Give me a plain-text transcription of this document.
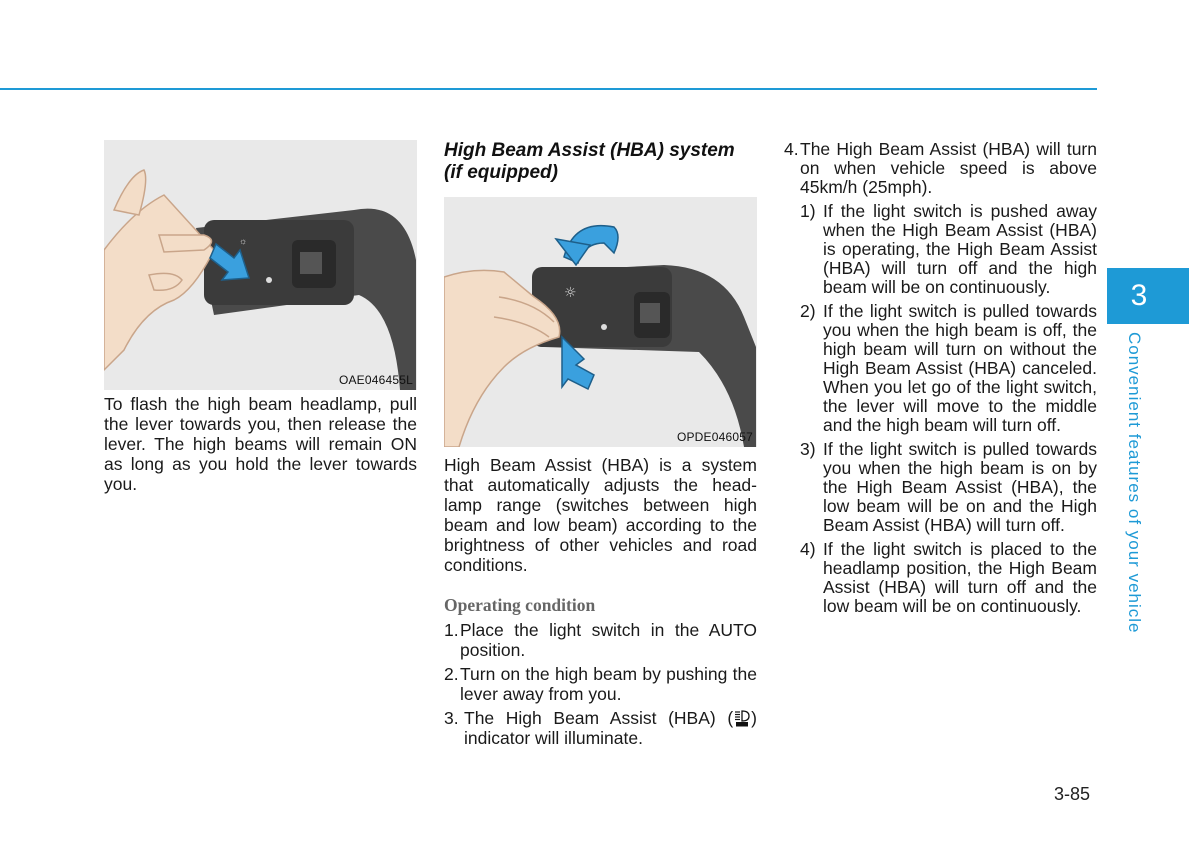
☼
OAE046455L

To flash the high beam headlamp, pull the lever towards you, then release the lever. The high beams will remain ON as long as you hold the lever towards you.

High Beam Assist (HBA) system (if equipped)

☼
OPDE046057

High Beam Assist (HBA) is a system that automatically adjusts the head-lamp range (switches between high beam and low beam) according to the brightness of other vehicles and road conditions.

Operating condition

1. Place the light switch in the AUTO position.

2. Turn on the high beam by pushing the lever away from you.

3. The High Beam Assist (HBA) ( ) indicator will illuminate.

4. The High Beam Assist (HBA) will turn on when vehicle speed is above 45km/h (25mph).

1) If the light switch is pushed away when the High Beam Assist (HBA) is operating, the High Beam Assist (HBA) will turn off and the high beam will be on continuously.

2) If the light switch is pulled towards you when the high beam is off, the high beam will turn on without the High Beam Assist (HBA) canceled. When you let go of the light switch, the lever will move to the middle and the high beam will turn off.

3) If the light switch is pulled towards you when the high beam is on by the High Beam Assist (HBA), the low beam will be on and the High Beam Assist (HBA) will turn off.

4) If the light switch is placed to the headlamp position, the High Beam Assist (HBA) will turn off and the low beam will be on continuously.

3
Convenient features of your vehicle
3-85
